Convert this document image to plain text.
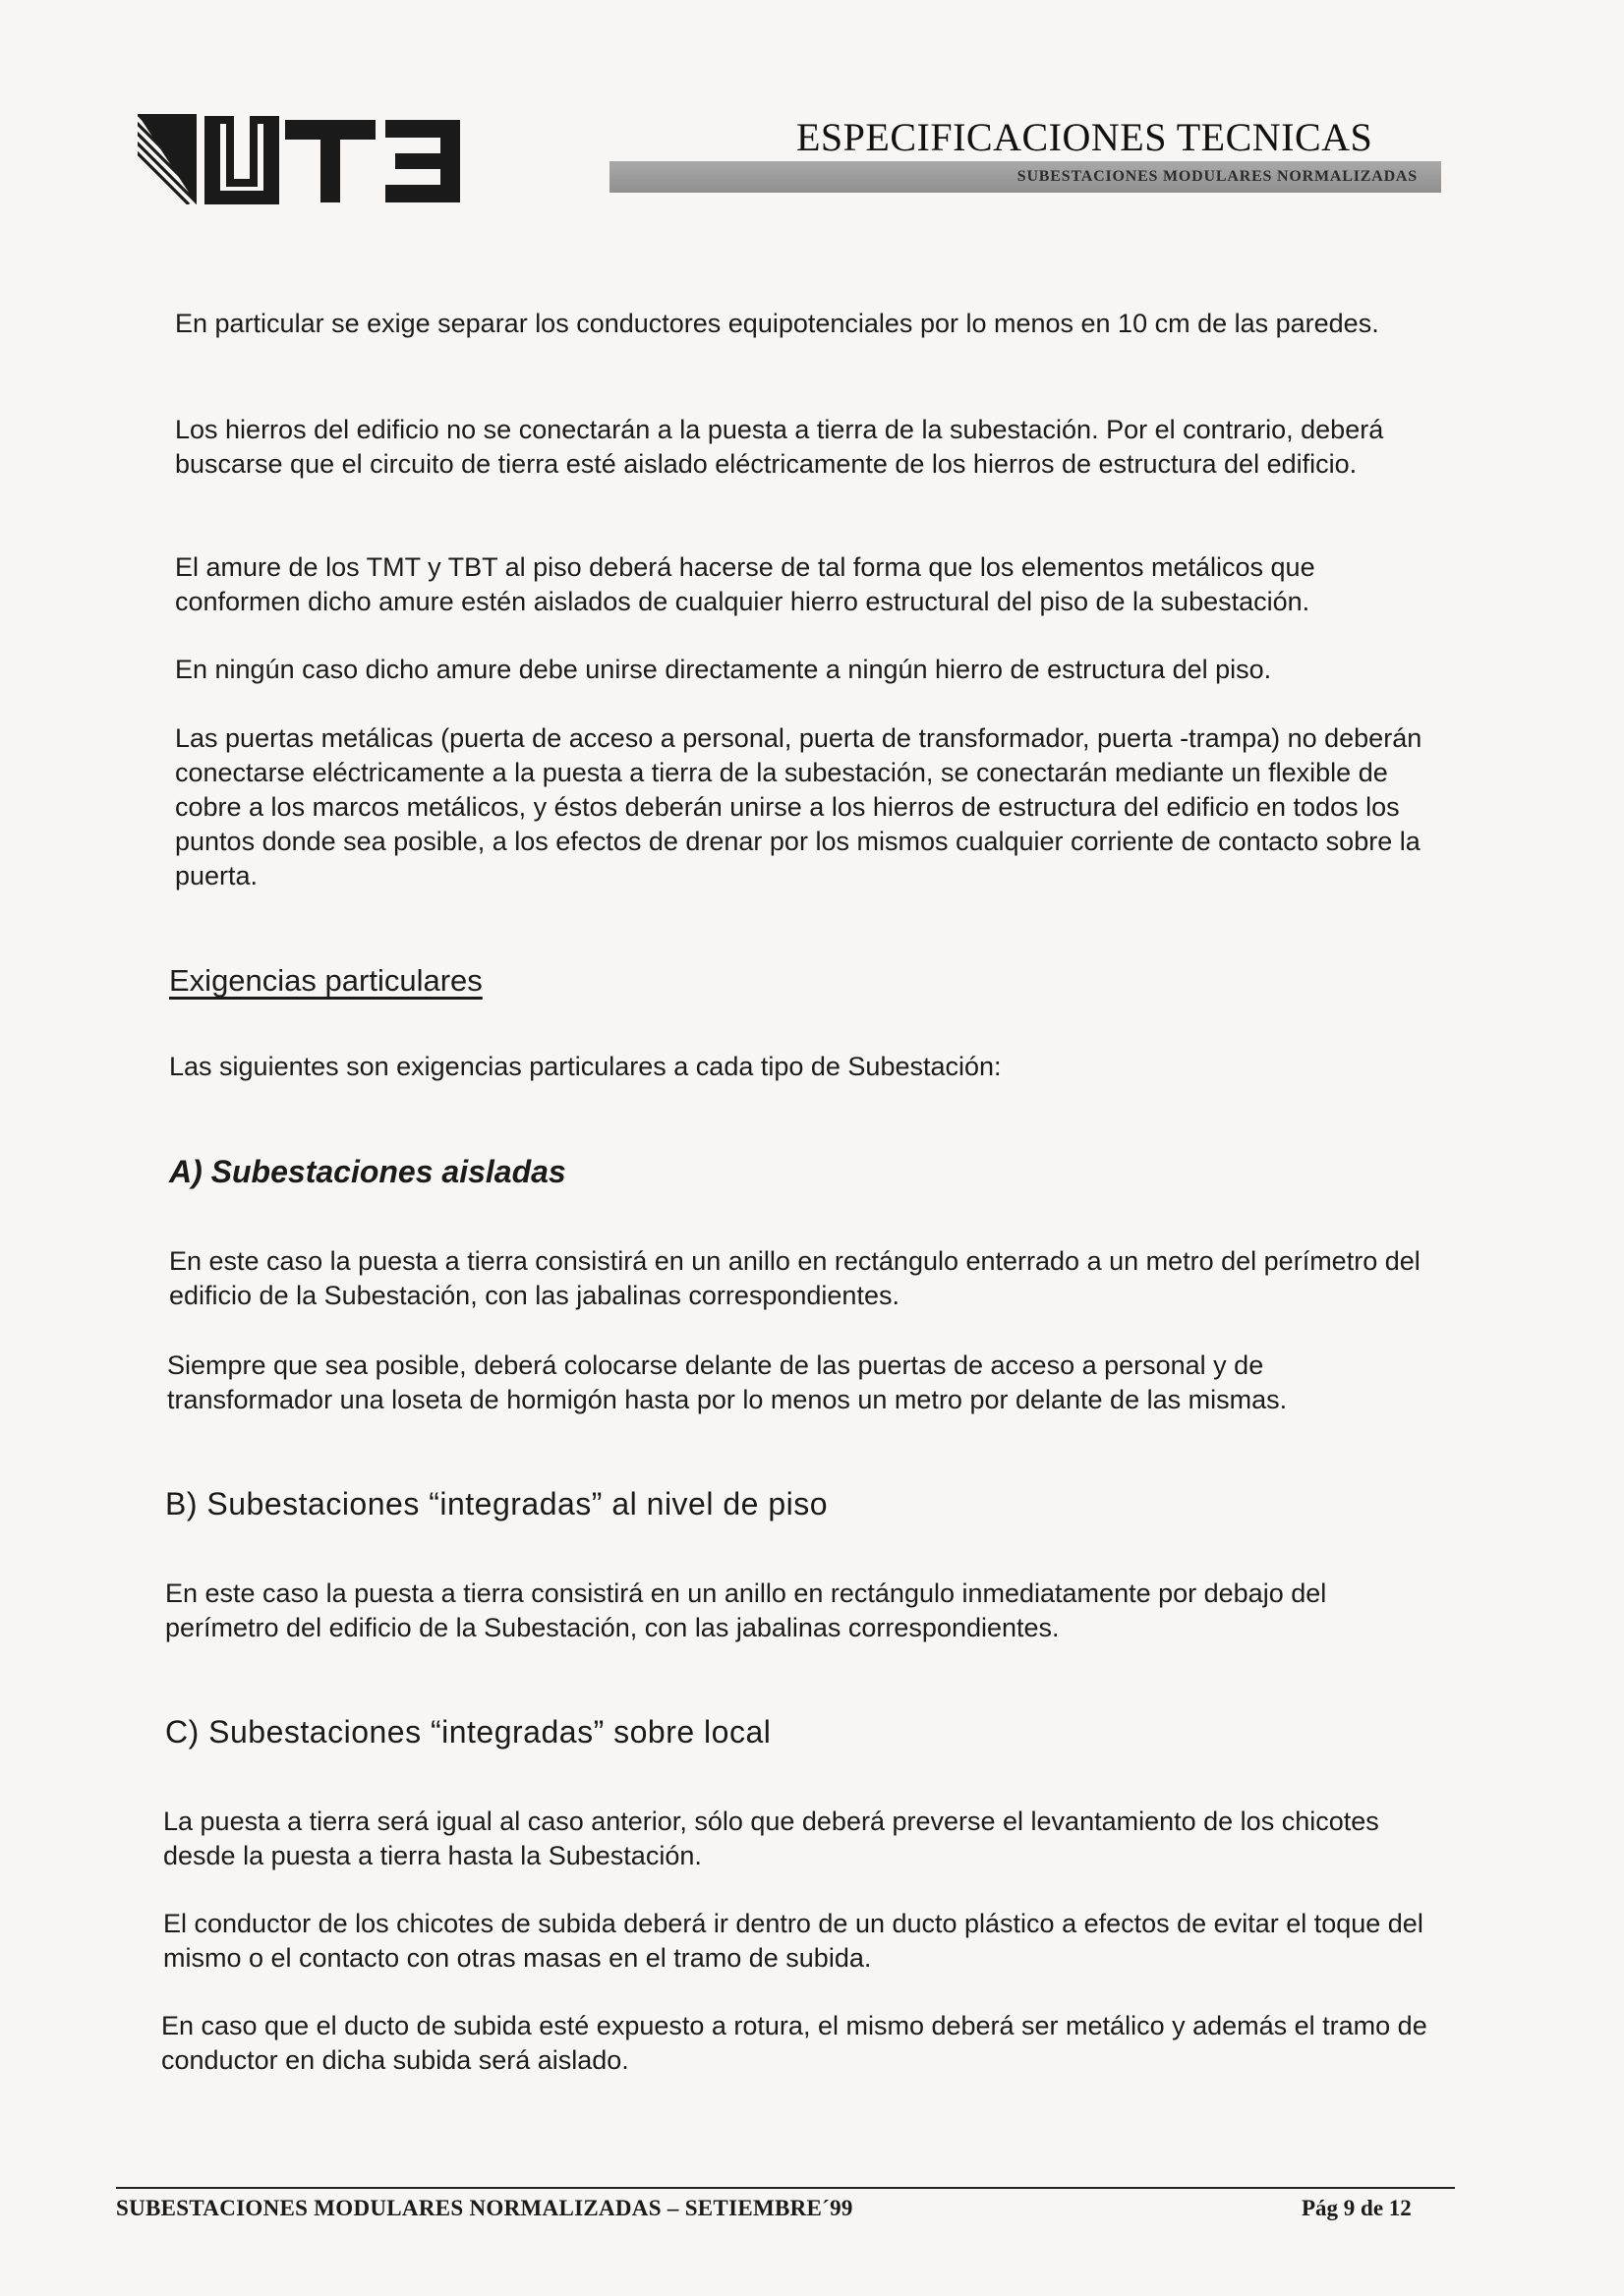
ESPECIFICACIONES TECNICAS
SUBESTACIONES MODULARES NORMALIZADAS
En particular se exige separar los conductores equipotenciales por lo menos en 10 cm de las paredes.
Los hierros del edificio no se conectarán a la puesta a tierra de la subestación. Por el contrario, deberá buscarse que el circuito de tierra esté aislado eléctricamente de los hierros de estructura del edificio.
El amure de los TMT y TBT al piso deberá hacerse de tal forma que los elementos metálicos que conformen dicho amure estén aislados de cualquier hierro estructural del piso de la subestación.
En ningún caso dicho amure debe unirse directamente a ningún hierro de estructura del piso.
Las puertas metálicas (puerta de acceso a personal, puerta de transformador, puerta -trampa) no deberán conectarse eléctricamente a la puesta a tierra de la subestación, se conectarán mediante un flexible de cobre a los marcos metálicos, y éstos deberán unirse a los hierros de estructura del edificio en todos los puntos donde sea posible, a los efectos de drenar por los mismos cualquier corriente de contacto sobre la puerta.
Exigencias particulares
Las siguientes son exigencias particulares a cada tipo de Subestación:
A) Subestaciones aisladas
En este caso la puesta a tierra consistirá en un anillo en rectángulo enterrado a un metro del perímetro del edificio de la Subestación, con las jabalinas correspondientes.
Siempre que sea posible, deberá colocarse delante de las puertas de acceso a personal y de transformador una loseta de hormigón hasta por lo menos un metro por delante de las mismas.
B) Subestaciones “integradas” al nivel de piso
En este caso la puesta a tierra consistirá en un anillo en rectángulo inmediatamente por debajo del perímetro del edificio de la Subestación, con las jabalinas correspondientes.
C) Subestaciones “integradas” sobre local
La puesta a tierra será igual al caso anterior, sólo que deberá preverse el levantamiento de los chicotes desde la puesta a tierra hasta la Subestación.
El conductor de los chicotes de subida deberá ir dentro de un ducto plástico a efectos de evitar el toque del mismo o el contacto con otras masas en el tramo de subida.
En caso que el ducto de subida esté expuesto a rotura, el mismo deberá ser metálico y además el tramo de conductor en dicha subida será aislado.
SUBESTACIONES MODULARES NORMALIZADAS – SETIEMBRE´99	Pág 9 de 12
